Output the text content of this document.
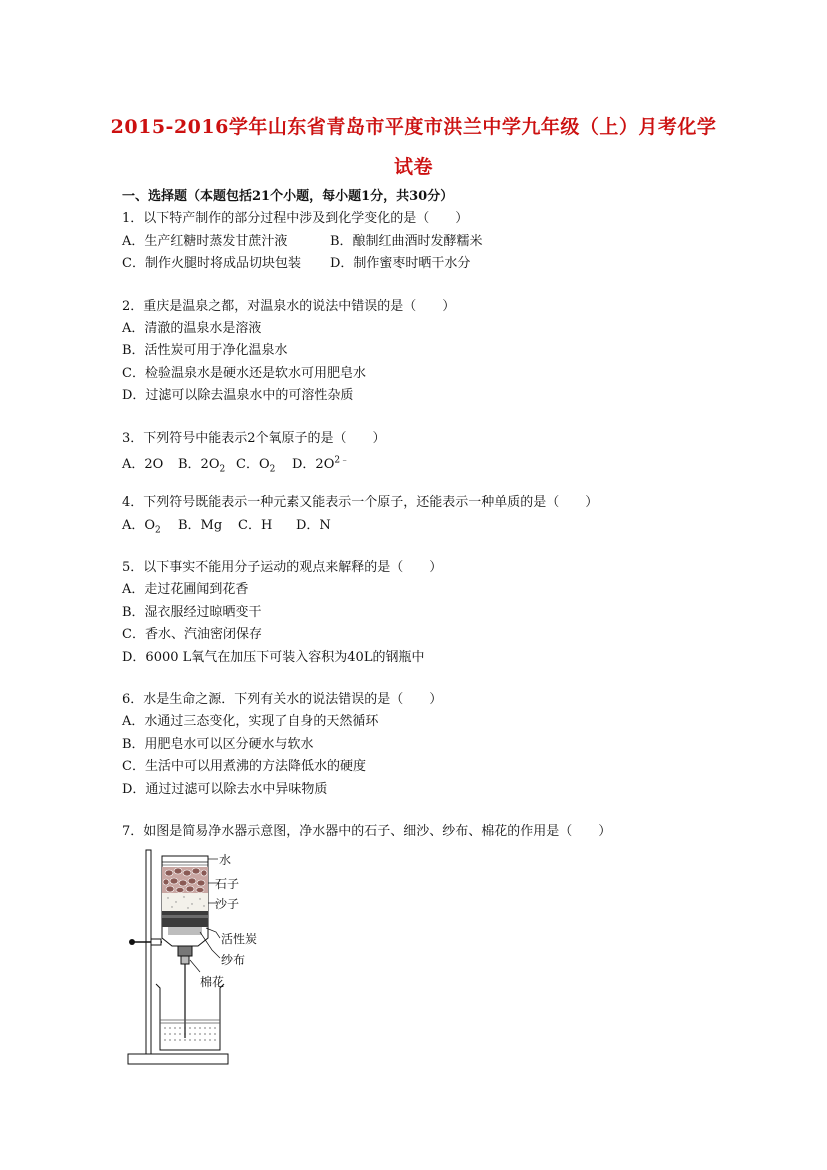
2015-2016学年山东省青岛市平度市洪兰中学九年级（上）月考化学
试卷
一、选择题（本题包括21个小题，每小题1分，共30分）
1．以下特产制作的部分过程中涉及到化学变化的是（　　）
A．生产红糖时蒸发甘蔗汁液	B．酿制红曲酒时发酵糯米
C．制作火腿时将成品切块包装 D．制作蜜枣时晒干水分
2．重庆是温泉之都，对温泉水的说法中错误的是（　　）
A．清澈的温泉水是溶液
B．活性炭可用于净化温泉水
C．检验温泉水是硬水还是软水可用肥皂水
D．过滤可以除去温泉水中的可溶性杂质
3．下列符号中能表示2个氧原子的是（　　）
A．2O B．$2O_2$ C．$O_2$ D．$2O^{2﹣}$
4．下列符号既能表示一种元素又能表示一个原子，还能表示一种单质的是（　　）
A．$O_2$ B．Mg C．H D．N
5．以下事实不能用分子运动的观点来解释的是（　　）
A．走过花圃闻到花香
B．湿衣服经过晾晒变干
C．香水、汽油密闭保存
D．6000 L氧气在加压下可装入容积为40L的钢瓶中
6．水是生命之源．下列有关水的说法错误的是（　　）
A．水通过三态变化，实现了自身的天然循环
B．用肥皂水可以区分硬水与软水
C．生活中可以用煮沸的方法降低水的硬度
D．通过过滤可以除去水中异味物质
7．如图是简易净水器示意图，净水器中的石子、细沙、纱布、棉花的作用是（　　）
水
石子
沙子
活性炭
纱布
棉花
